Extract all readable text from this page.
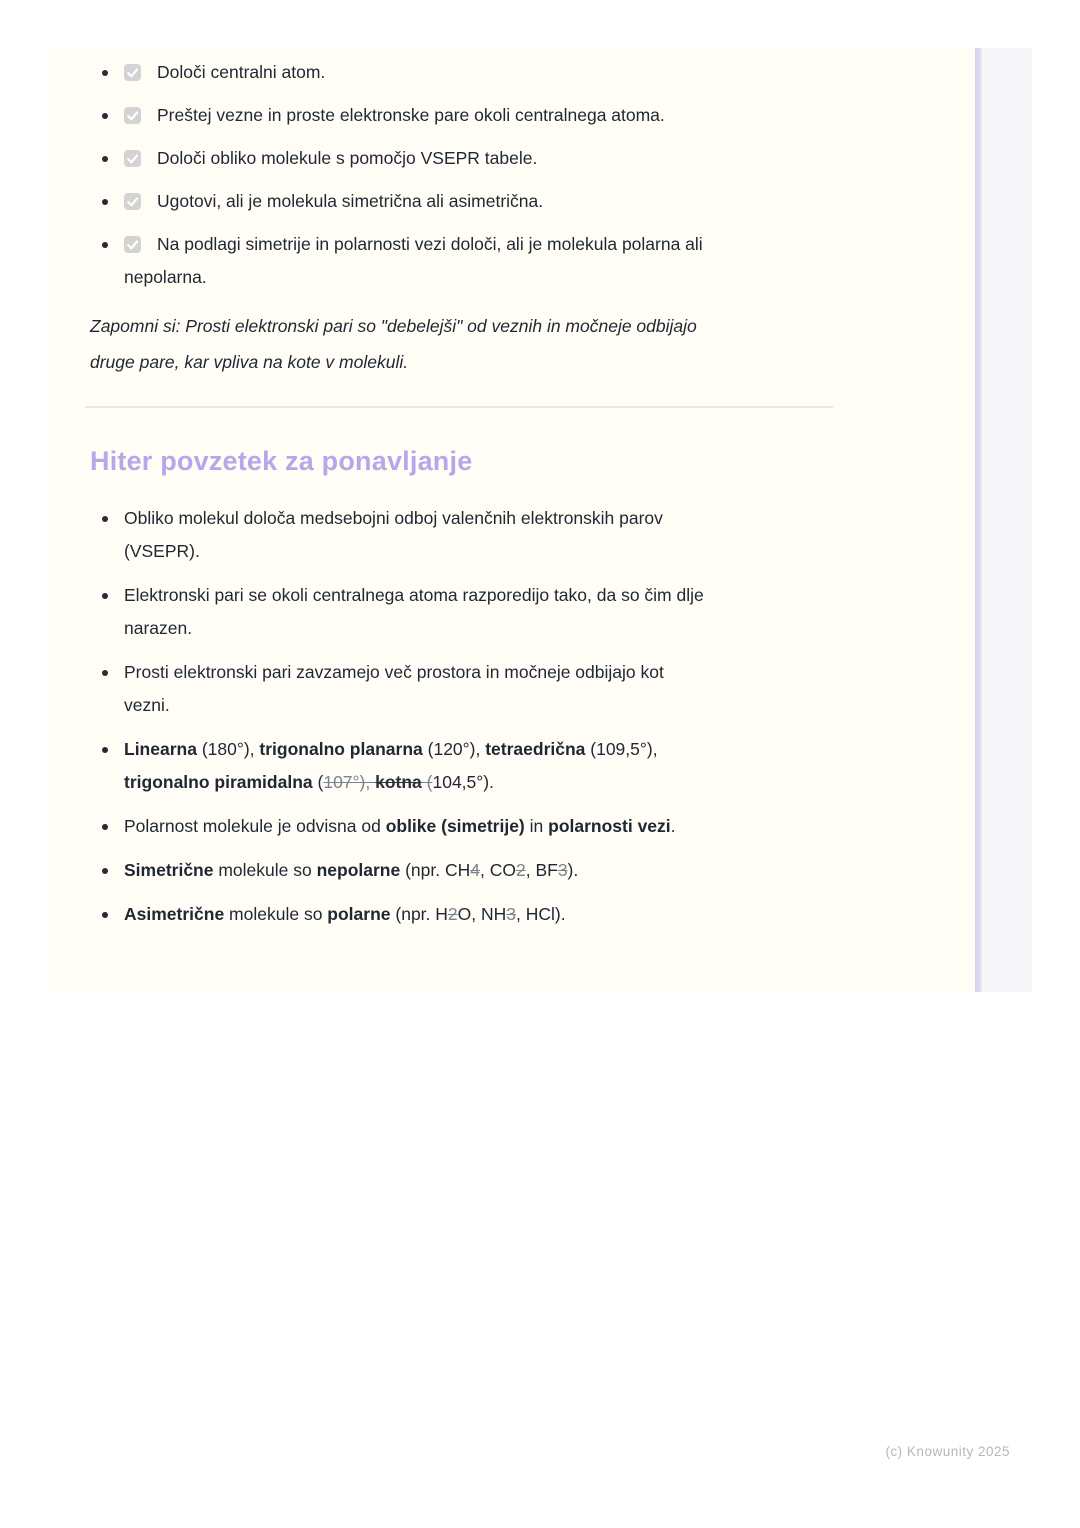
Določi centralni atom.
Preštej vezne in proste elektronske pare okoli centralnega atoma.
Določi obliko molekule s pomočjo VSEPR tabele.
Ugotovi, ali je molekula simetrična ali asimetrična.
Na podlagi simetrije in polarnosti vezi določi, ali je molekula polarna ali
nepolarna.

Zapomni si: Prosti elektronski pari so "debelejši" od veznih in močneje odbijajo
druge pare, kar vpliva na kote v molekuli.

Hiter povzetek za ponavljanje
Obliko molekul določa medsebojni odboj valenčnih elektronskih parov
(VSEPR).
Elektronski pari se okoli centralnega atoma razporedijo tako, da so čim dlje
narazen.
Prosti elektronski pari zavzamejo več prostora in močneje odbijajo kot
vezni.
Linearna (180°), trigonalno planarna (120°), tetraedrična (109,5°),
trigonalno piramidalna (107°), kotna (104,5°).
Polarnost molekule je odvisna od oblike (simetrije) in polarnosti vezi.
Simetrične molekule so nepolarne (npr. CH4, CO2, BF3).
Asimetrične molekule so polarne (npr. H2O, NH3, HCl).
(c) Knowunity 2025
